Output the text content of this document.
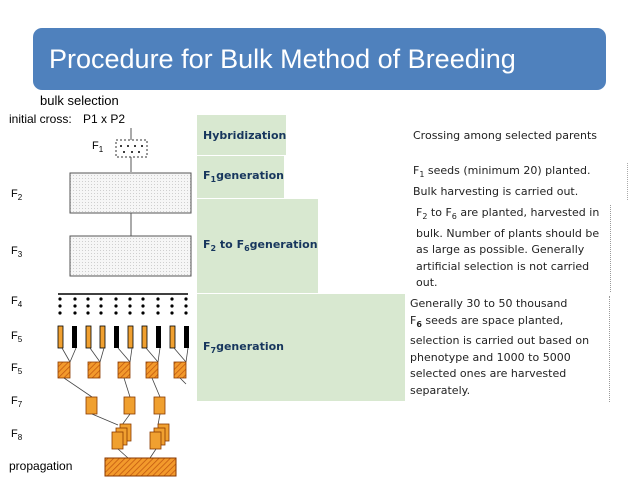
Procedure for Bulk Method of Breeding
bulk selection
initial cross: P1 x P2
$F_1$
$F_2$
$F_3$
$F_4$
$F_5$
$F_5$
$F_7$
$F_8$
propagation
Hybridization	Crossing among selected parents
$F_1generation$	$F_1$ seeds (minimum 20) planted.
Bulk harvesting is carried out.
$F_2$ to $F_6generation$
$F_2$ to $F_6$ are planted, harvested in bulk. Number of plants should be as large as possible. Generally artificial selection is not carried out.
$F_7generation$
Generally 30 to 50 thousand
$F_6$ seeds are space planted, selection is carried out based on phenotype and 1000 to 5000 selected ones are harvested separately.
